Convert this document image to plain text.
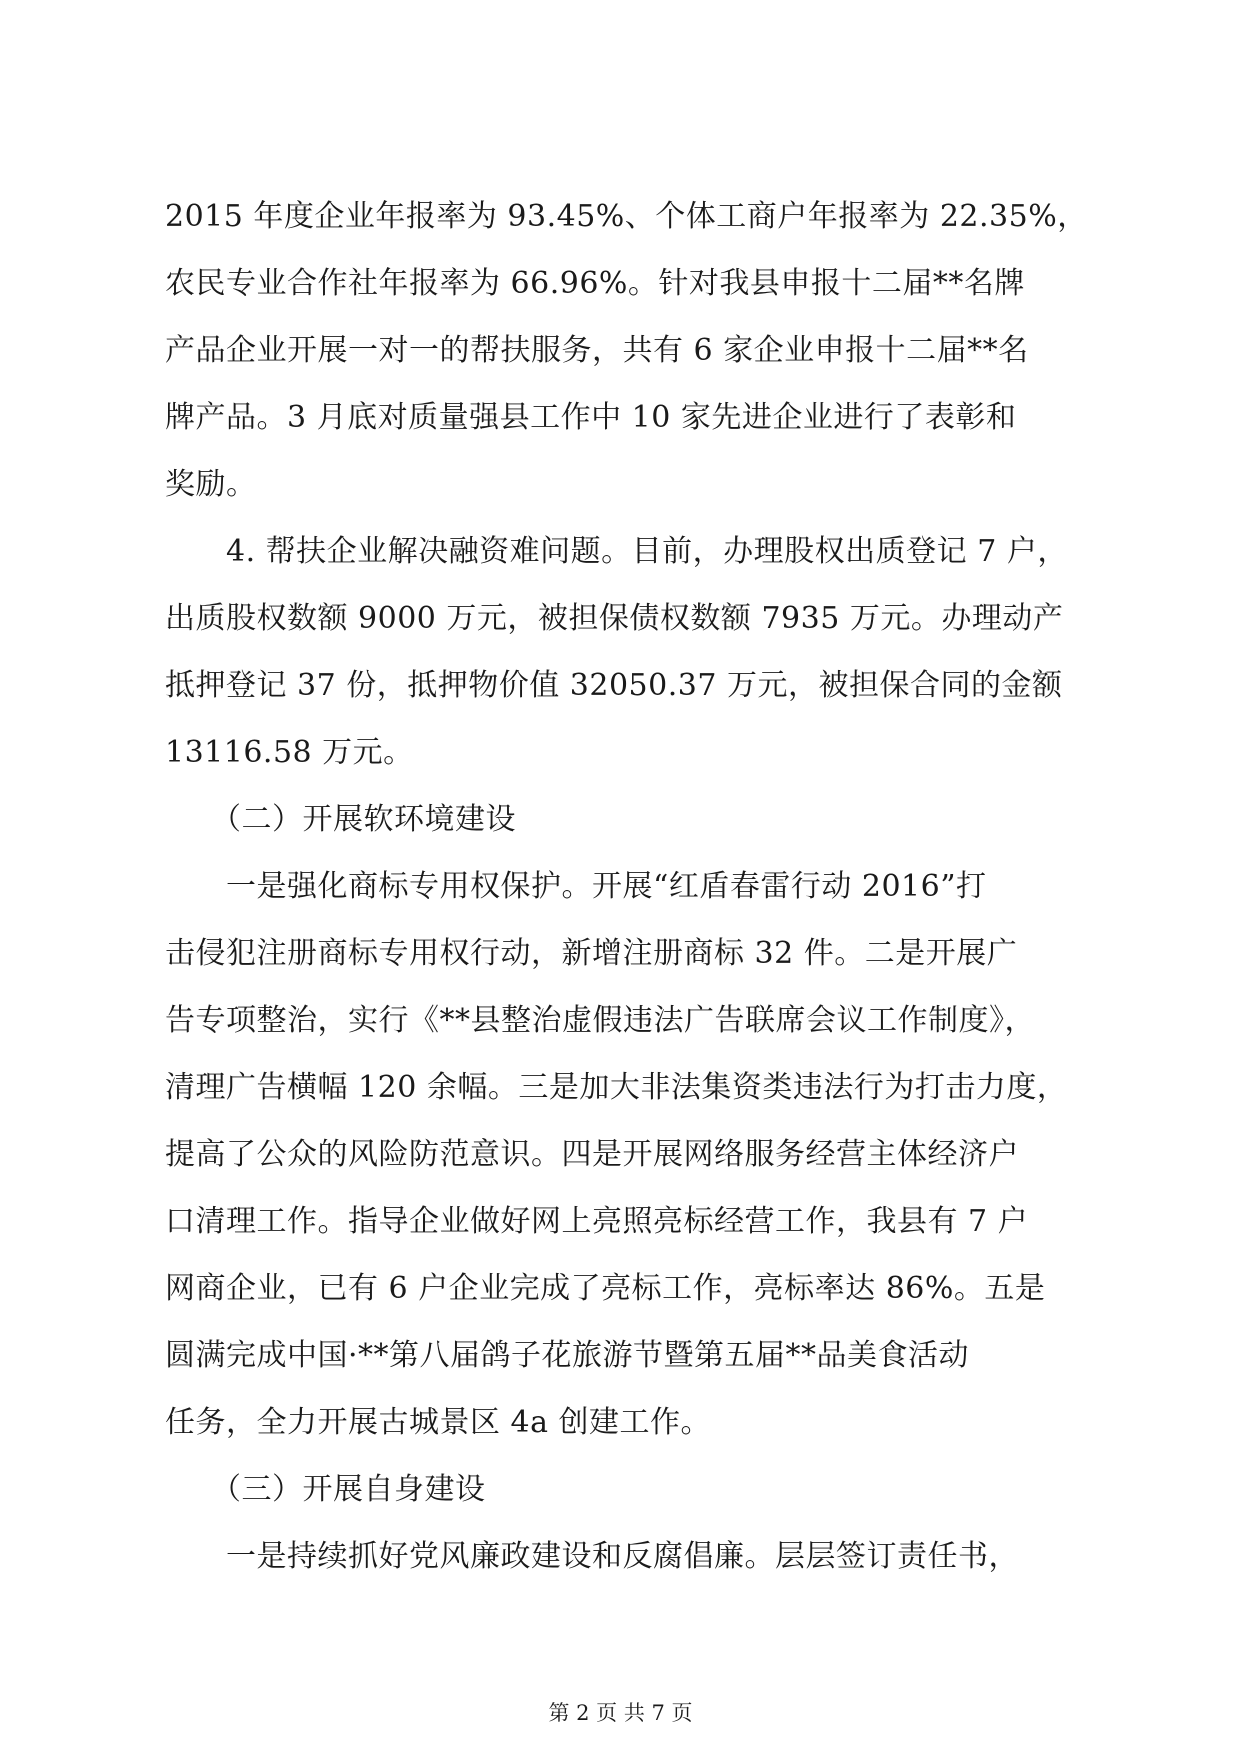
2015 年度企业年报率为 93.45%、个体工商户年报率为 22.35%，
农民专业合作社年报率为 66.96%。针对我县申报十二届**名牌
产品企业开展一对一的帮扶服务，共有 6 家企业申报十二届**名
牌产品。3 月底对质量强县工作中 10 家先进企业进行了表彰和
奖励。
　　4. 帮扶企业解决融资难问题。目前，办理股权出质登记 7 户，
出质股权数额 9000 万元，被担保债权数额 7935 万元。办理动产
抵押登记 37 份，抵押物价值 32050.37 万元，被担保合同的金额
13116.58 万元。
　　（二）开展软环境建设
　　一是强化商标专用权保护。开展“红盾春雷行动 2016”打
击侵犯注册商标专用权行动，新增注册商标 32 件。二是开展广
告专项整治，实行《**县整治虚假违法广告联席会议工作制度》，
清理广告横幅 120 余幅。三是加大非法集资类违法行为打击力度，
提高了公众的风险防范意识。四是开展网络服务经营主体经济户
口清理工作。指导企业做好网上亮照亮标经营工作，我县有 7 户
网商企业，已有 6 户企业完成了亮标工作，亮标率达 86%。五是
圆满完成中国·**第八届鸽子花旅游节暨第五届**品美食活动
任务，全力开展古城景区 4a 创建工作。
　　（三）开展自身建设
　　一是持续抓好党风廉政建设和反腐倡廉。层层签订责任书，
第 2 页 共 7 页
